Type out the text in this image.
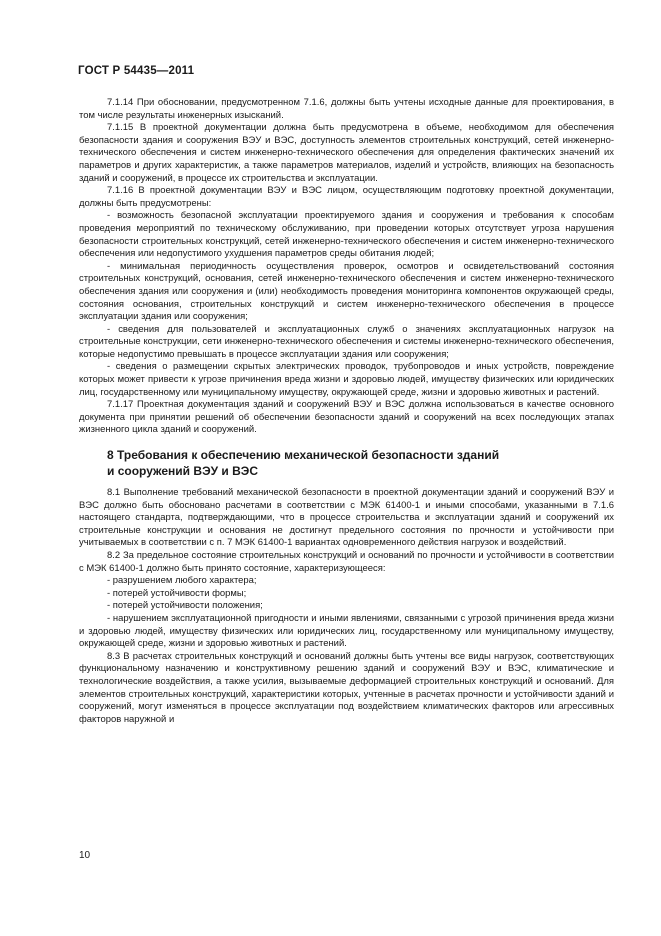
ГОСТ Р 54435—2011

7.1.14 При обосновании, предусмотренном 7.1.6, должны быть учтены исходные данные для проектирования, в том числе результаты инженерных изысканий.

7.1.15 В проектной документации должна быть предусмотрена в объеме, необходимом для обеспечения безопасности здания и сооружения ВЭУ и ВЭС, доступность элементов строительных конструкций, сетей инженерно-технического обеспечения и систем инженерно-технического обеспечения для определения фактических значений их параметров и других характеристик, а также параметров материалов, изделий и устройств, влияющих на безопасность зданий и сооружений, в процессе их строительства и эксплуатации.

7.1.16 В проектной документации ВЭУ и ВЭС лицом, осуществляющим подготовку проектной документации, должны быть предусмотрены:

- возможность безопасной эксплуатации проектируемого здания и сооружения и требования к способам проведения мероприятий по техническому обслуживанию, при проведении которых отсутствует угроза нарушения безопасности строительных конструкций, сетей инженерно-технического обеспечения и систем инженерно-технического обеспечения или недопустимого ухудшения параметров среды обитания людей;

- минимальная периодичность осуществления проверок, осмотров и освидетельствований состояния строительных конструкций, основания, сетей инженерно-технического обеспечения и систем инженерно-технического обеспечения здания или сооружения и (или) необходимость проведения мониторинга компонентов окружающей среды, состояния основания, строительных конструкций и систем инженерно-технического обеспечения в процессе эксплуатации здания или сооружения;

- сведения для пользователей и эксплуатационных служб о значениях эксплуатационных нагрузок на строительные конструкции, сети инженерно-технического обеспечения и системы инженерно-технического обеспечения, которые недопустимо превышать в процессе эксплуатации здания или сооружения;

- сведения о размещении скрытых электрических проводок, трубопроводов и иных устройств, повреждение которых может привести к угрозе причинения вреда жизни и здоровью людей, имуществу физических или юридических лиц, государственному или муниципальному имуществу, окружающей среде, жизни и здоровью животных и растений.

7.1.17 Проектная документация зданий и сооружений ВЭУ и ВЭС должна использоваться в качестве основного документа при принятии решений об обеспечении безопасности зданий и сооружений на всех последующих этапах жизненного цикла зданий и сооружений.

8 Требования к обеспечению механической безопасности зданий
и сооружений ВЭУ и ВЭС

8.1 Выполнение требований механической безопасности в проектной документации зданий и сооружений ВЭУ и ВЭС должно быть обосновано расчетами в соответствии с МЭК 61400-1 и иными способами, указанными в 7.1.6 настоящего стандарта, подтверждающими, что в процессе строительства и эксплуатации зданий и сооружений их строительные конструкции и основания не достигнут предельного состояния по прочности и устойчивости при учитываемых в соответствии с п. 7 МЭК 61400-1 вариантах одновременного действия нагрузок и воздействий.

8.2 За предельное состояние строительных конструкций и оснований по прочности и устойчивости в соответствии с МЭК 61400-1 должно быть принято состояние, характеризующееся:

- разрушением любого характера;

- потерей устойчивости формы;

- потерей устойчивости положения;

- нарушением эксплуатационной пригодности и иными явлениями, связанными с угрозой причинения вреда жизни и здоровью людей, имуществу физических или юридических лиц, государственному или муниципальному имуществу, окружающей среде, жизни и здоровью животных и растений.

8.3 В расчетах строительных конструкций и оснований должны быть учтены все виды нагрузок, соответствующих функциональному назначению и конструктивному решению зданий и сооружений ВЭУ и ВЭС, климатические и технологические воздействия, а также усилия, вызываемые деформацией строительных конструкций и оснований. Для элементов строительных конструкций, характеристики которых, учтенные в расчетах прочности и устойчивости зданий и сооружений, могут изменяться в процессе эксплуатации под воздействием климатических факторов или агрессивных факторов наружной и

10
